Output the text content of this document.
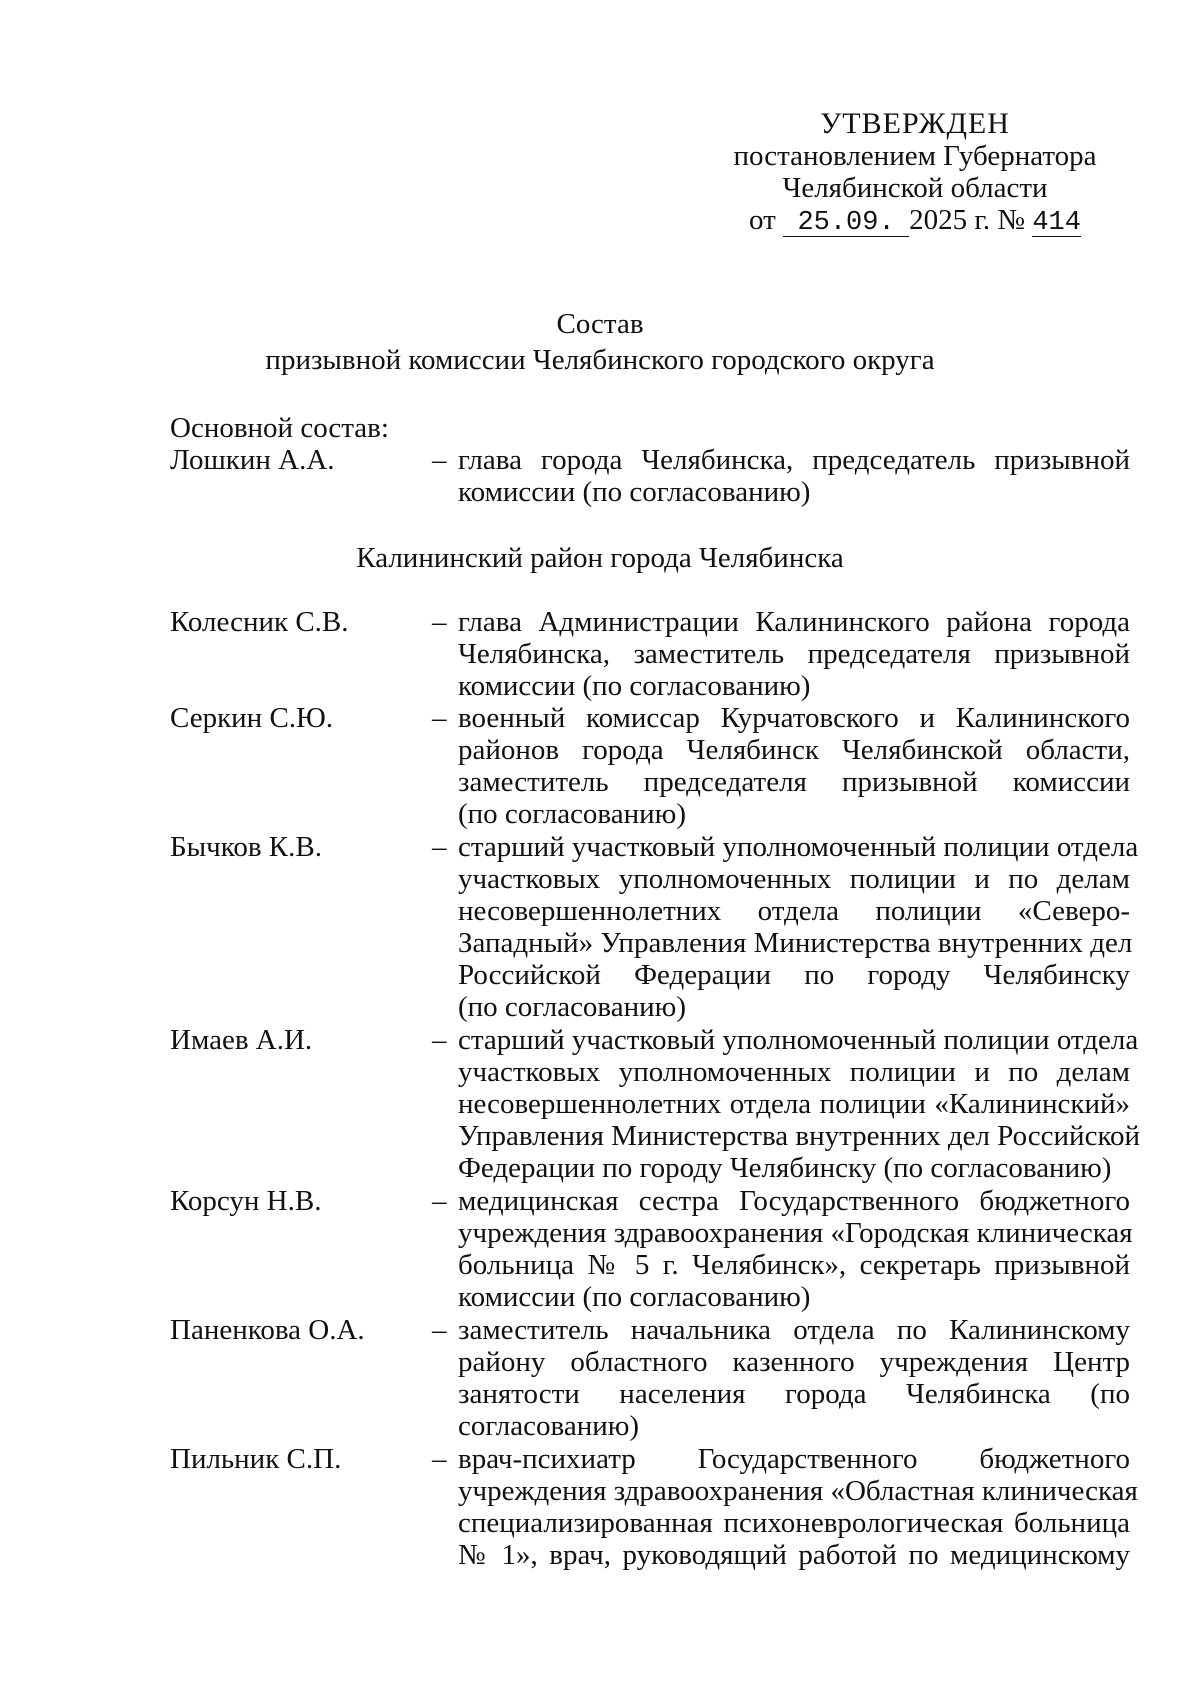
УТВЕРЖДЕН
постановлением Губернатора
Челябинской области
от 25.09. 2025 г. № 414
Состав
призывной комиссии Челябинского городского округа
Основной состав:
Лошкин А.А.	– глава города Челябинска, председатель призывной
комиссии (по согласованию)
Калининский район города Челябинска
Колесник С.В.	– глава Администрации Калининского района города
Челябинска, заместитель председателя призывной
комиссии (по согласованию)
Серкин С.Ю.	– военный комиссар Курчатовского и Калининского
районов города Челябинск Челябинской области,
заместитель председателя призывной комиссии
(по согласованию)
Бычков К.В.	– старший участковый уполномоченный полиции отдела
участковых уполномоченных полиции и по делам
несовершеннолетних отдела полиции «Северо-
Западный» Управления Министерства внутренних дел
Российской Федерации по городу Челябинску
(по согласованию)
Имаев А.И.	– старший участковый уполномоченный полиции отдела
участковых уполномоченных полиции и по делам
несовершеннолетних отдела полиции «Калининский»
Управления Министерства внутренних дел Российской
Федерации по городу Челябинску (по согласованию)
Корсун Н.В.	– медицинская сестра Государственного бюджетного
учреждения здравоохранения «Городская клиническая
больница № 5 г. Челябинск», секретарь призывной
комиссии (по согласованию)
Паненкова О.А.	– заместитель начальника отдела по Калининскому
району областного казенного учреждения Центр
занятости населения города Челябинска (по
согласованию)
Пильник С.П.	– врач-психиатр Государственного бюджетного
учреждения здравоохранения «Областная клиническая
специализированная психоневрологическая больница
№ 1», врач, руководящий работой по медицинскому
